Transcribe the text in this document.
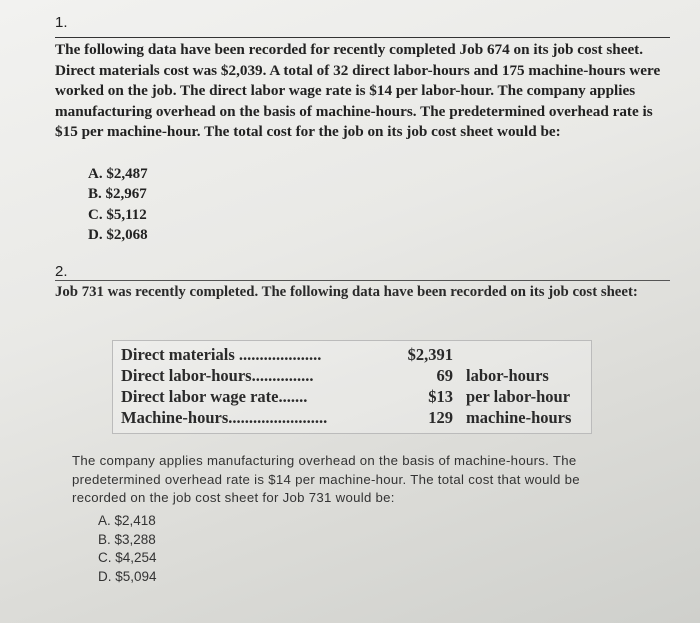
1.
The following data have been recorded for recently completed Job 674 on its job cost sheet. Direct materials cost was $2,039. A total of 32 direct labor-hours and 175 machine-hours were worked on the job. The direct labor wage rate is $14 per labor-hour. The company applies manufacturing overhead on the basis of machine-hours. The predetermined overhead rate is $15 per machine-hour. The total cost for the job on its job cost sheet would be:
A. $2,487
B. $2,967
C. $5,112
D. $2,068
2.
Job 731 was recently completed. The following data have been recorded on its job cost sheet:
Direct materials ....................	$2,391
Direct labor-hours...............	69 labor-hours
Direct labor wage rate.......	$13 per labor-hour
Machine-hours........................	129 machine-hours
The company applies manufacturing overhead on the basis of machine-hours. The predetermined overhead rate is $14 per machine-hour. The total cost that would be recorded on the job cost sheet for Job 731 would be:
A. $2,418
B. $3,288
C. $4,254
D. $5,094
